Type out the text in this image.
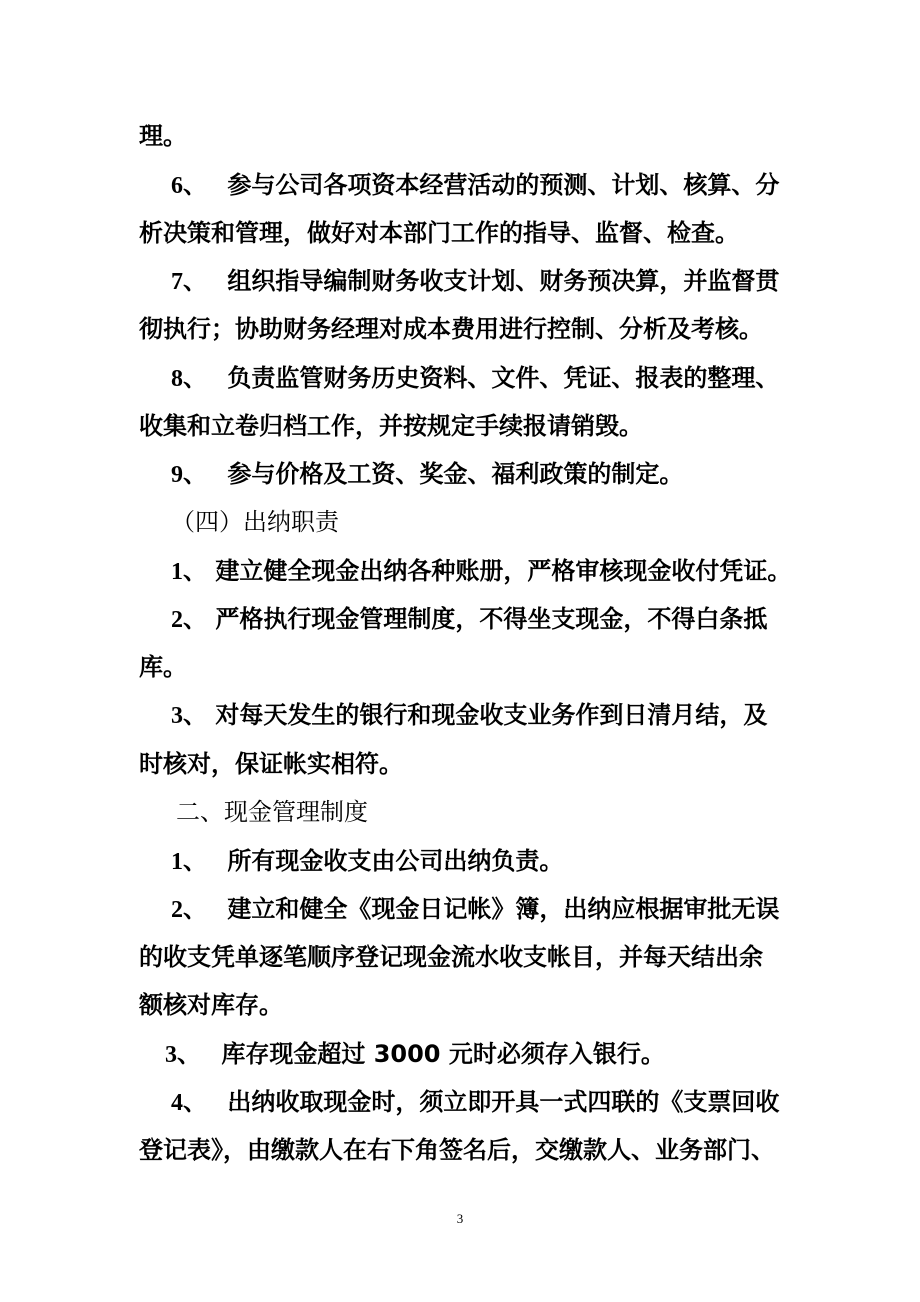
理。
6、 参与公司各项资本经营活动的预测、计划、核算、分
析决策和管理，做好对本部门工作的指导、监督、检查。
7、 组织指导编制财务收支计划、财务预决算，并监督贯
彻执行；协助财务经理对成本费用进行控制、分析及考核。
8、 负责监管财务历史资料、文件、凭证、报表的整理、
收集和立卷归档工作，并按规定手续报请销毁。
9、 参与价格及工资、奖金、福利政策的制定。
（四）出纳职责
1、 建立健全现金出纳各种账册，严格审核现金收付凭证。
2、 严格执行现金管理制度，不得坐支现金，不得白条抵
库。
3、 对每天发生的银行和现金收支业务作到日清月结，及
时核对，保证帐实相符。
二、现金管理制度
1、 所有现金收支由公司出纳负责。
2、 建立和健全《现金日记帐》簿，出纳应根据审批无误
的收支凭单逐笔顺序登记现金流水收支帐目，并每天结出余
额核对库存。
3、 库存现金超过 3000 元时必须存入银行。
4、 出纳收取现金时，须立即开具一式四联的《支票回收
登记表》，由缴款人在右下角签名后，交缴款人、业务部门、
3
